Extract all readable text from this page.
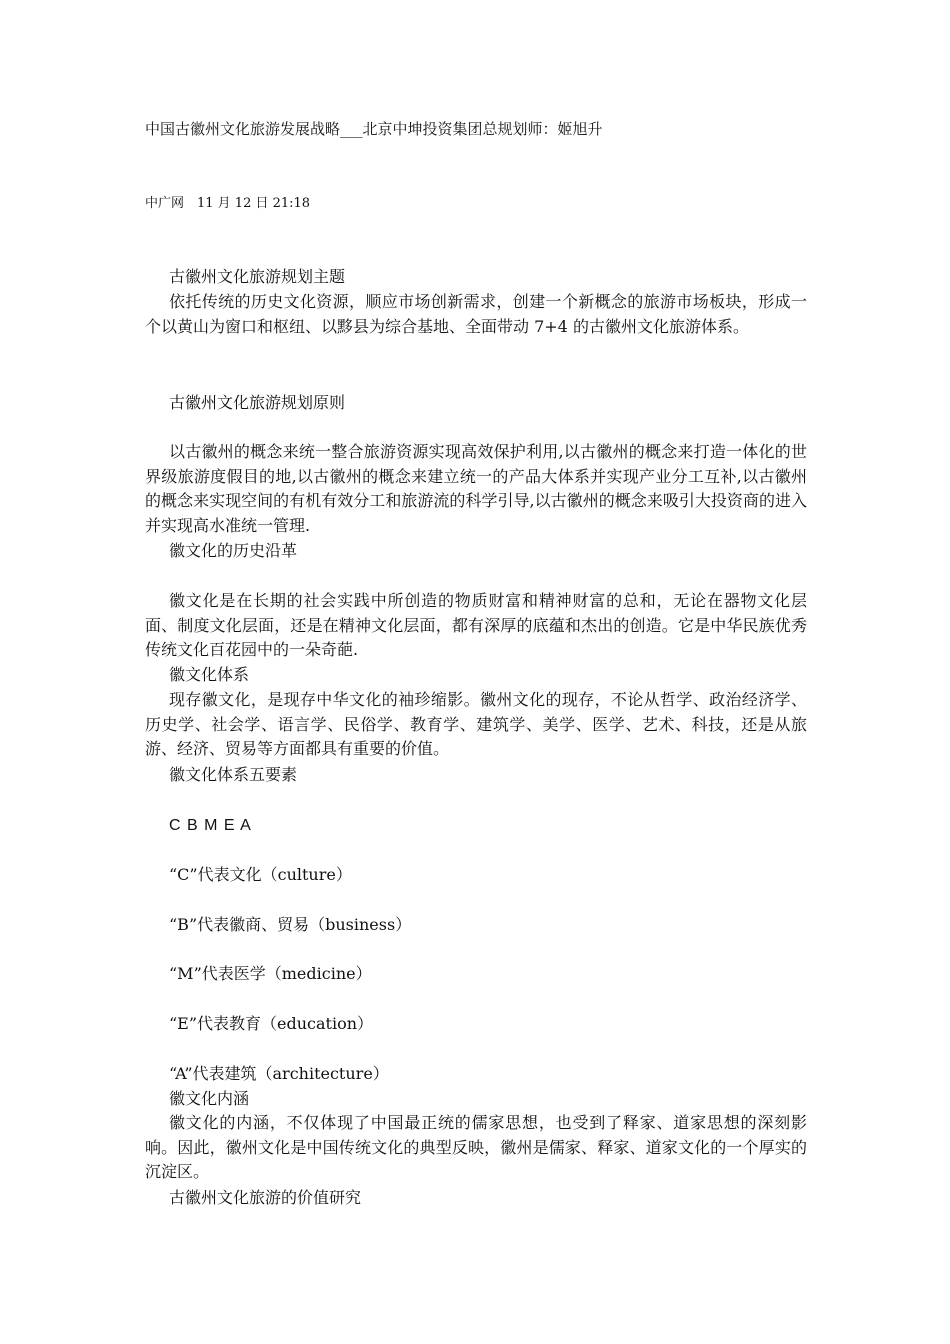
中国古徽州文化旅游发展战略___北京中坤投资集团总规划师：姬旭升
中广网　11 月 12 日 21:18
古徽州文化旅游规划主题
依托传统的历史文化资源，顺应市场创新需求，创建一个新概念的旅游市场板块，形成一个以黄山为窗口和枢纽、以黟县为综合基地、全面带动 7+4 的古徽州文化旅游体系。
古徽州文化旅游规划原则
以古徽州的概念来统一整合旅游资源实现高效保护利用,以古徽州的概念来打造一体化的世界级旅游度假目的地,以古徽州的概念来建立统一的产品大体系并实现产业分工互补,以古徽州的概念来实现空间的有机有效分工和旅游流的科学引导,以古徽州的概念来吸引大投资商的进入并实现高水准统一管理.
徽文化的历史沿革
徽文化是在长期的社会实践中所创造的物质财富和精神财富的总和，无论在器物文化层面、制度文化层面，还是在精神文化层面，都有深厚的底蕴和杰出的创造。它是中华民族优秀传统文化百花园中的一朵奇葩.
徽文化体系
现存徽文化，是现存中华文化的袖珍缩影。徽州文化的现存，不论从哲学、政治经济学、历史学、社会学、语言学、民俗学、教育学、建筑学、美学、医学、艺术、科技，还是从旅游、经济、贸易等方面都具有重要的价值。
徽文化体系五要素
C B M E A
“C”代表文化（culture）
“B”代表徽商、贸易（business）
“M”代表医学（medicine）
“E”代表教育（education）
“A”代表建筑（architecture）
徽文化内涵
徽文化的内涵，不仅体现了中国最正统的儒家思想，也受到了释家、道家思想的深刻影响。因此，徽州文化是中国传统文化的典型反映，徽州是儒家、释家、道家文化的一个厚实的沉淀区。
古徽州文化旅游的价值研究
